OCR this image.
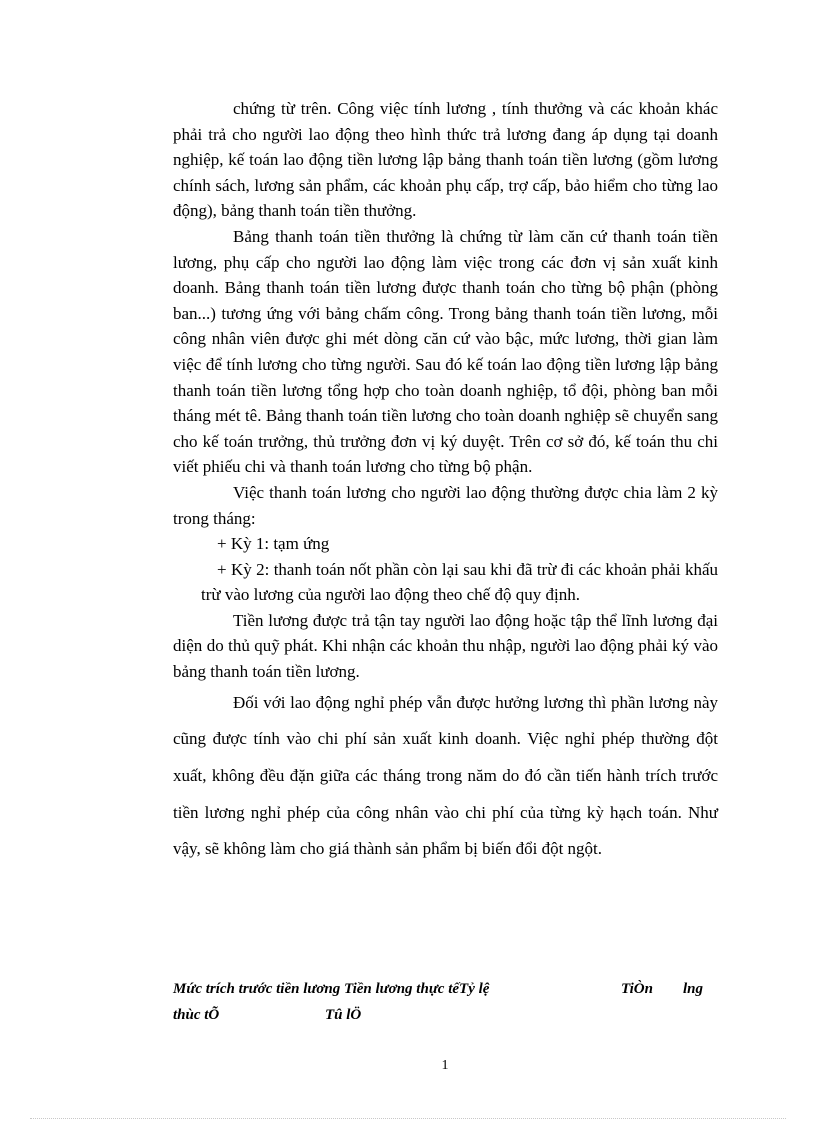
chứng từ trên. Công việc tính lương , tính thưởng và các khoản khác phải trả cho người lao động theo hình thức trả lương đang áp dụng tại doanh nghiệp, kế toán lao động tiền lương lập bảng thanh toán tiền lương (gồm lương chính sách, lương sản phẩm, các khoản phụ cấp, trợ cấp, bảo hiểm cho từng lao động), bảng thanh toán tiền thưởng.

Bảng thanh toán tiền thưởng là chứng từ làm căn cứ thanh toán tiền lương, phụ cấp cho người lao động làm việc trong các đơn vị sản xuất kinh doanh. Bảng thanh toán tiền lương được thanh toán cho từng bộ phận (phòng ban...) tương ứng với bảng chấm công. Trong bảng thanh toán tiền lương, mỗi công nhân viên được ghi mét dòng căn cứ vào bậc, mức lương, thời gian làm việc để tính lương cho từng người. Sau đó kế toán lao động tiền lương lập bảng thanh toán tiền lương tổng hợp cho toàn doanh nghiệp, tổ đội, phòng ban mỗi tháng mét tê. Bảng thanh toán tiền lương cho toàn doanh nghiệp sẽ chuyển sang cho kế toán trưởng, thủ trưởng đơn vị ký duyệt. Trên cơ sở đó, kế toán thu chi viết phiếu chi và thanh toán lương cho từng bộ phận.

Việc thanh toán lương cho người lao động thường được chia làm 2 kỳ trong tháng:

+ Kỳ 1: tạm ứng

+ Kỳ 2: thanh toán nốt phần còn lại sau khi đã trừ đi các khoản phải khấu trừ vào lương của người lao động theo chế độ quy định.

Tiền lương được trả tận tay người lao động hoặc tập thể lĩnh lương đại diện do thủ quỹ phát. Khi nhận các khoản thu nhập, người lao động phải ký vào bảng thanh toán tiền lương.

Đối với lao động nghỉ phép vẫn được hưởng lương thì phần lương này cũng được tính vào chi phí sản xuất kinh doanh. Việc nghỉ phép thường đột xuất, không đều đặn giữa các tháng trong năm do đó cần tiến hành trích trước tiền lương nghỉ phép của công nhân vào chi phí của từng kỳ hạch toán. Như vậy, sẽ không làm cho giá thành sản phẩm bị biến đổi đột ngột.

Mức trích trước tiền lương Tiền lương thực tếTỷ lệ	TiÒn lng
thùc tÕ	Tû lÖ
1
